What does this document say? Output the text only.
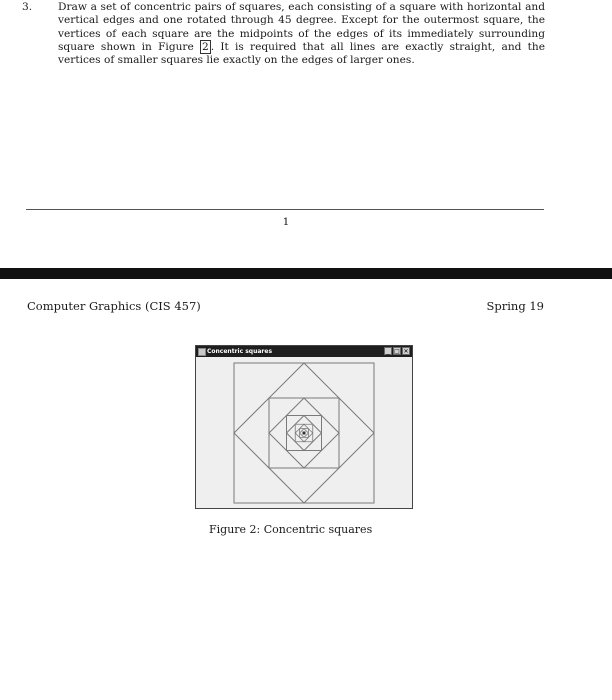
3. Draw a set of concentric pairs of squares, each consisting of a square with horizontal and vertical edges and one rotated through 45 degree. Except for the outermost square, the vertices of each square are the midpoints of the edges of its immediately surrounding square shown in Figure 2 . It is required that all lines are exactly straight, and the vertices of smaller squares lie exactly on the edges of larger ones.
1
Computer Graphics (CIS 457)	Spring 19
Concentric squares	_ □ ✕
Figure 2: Concentric squares
